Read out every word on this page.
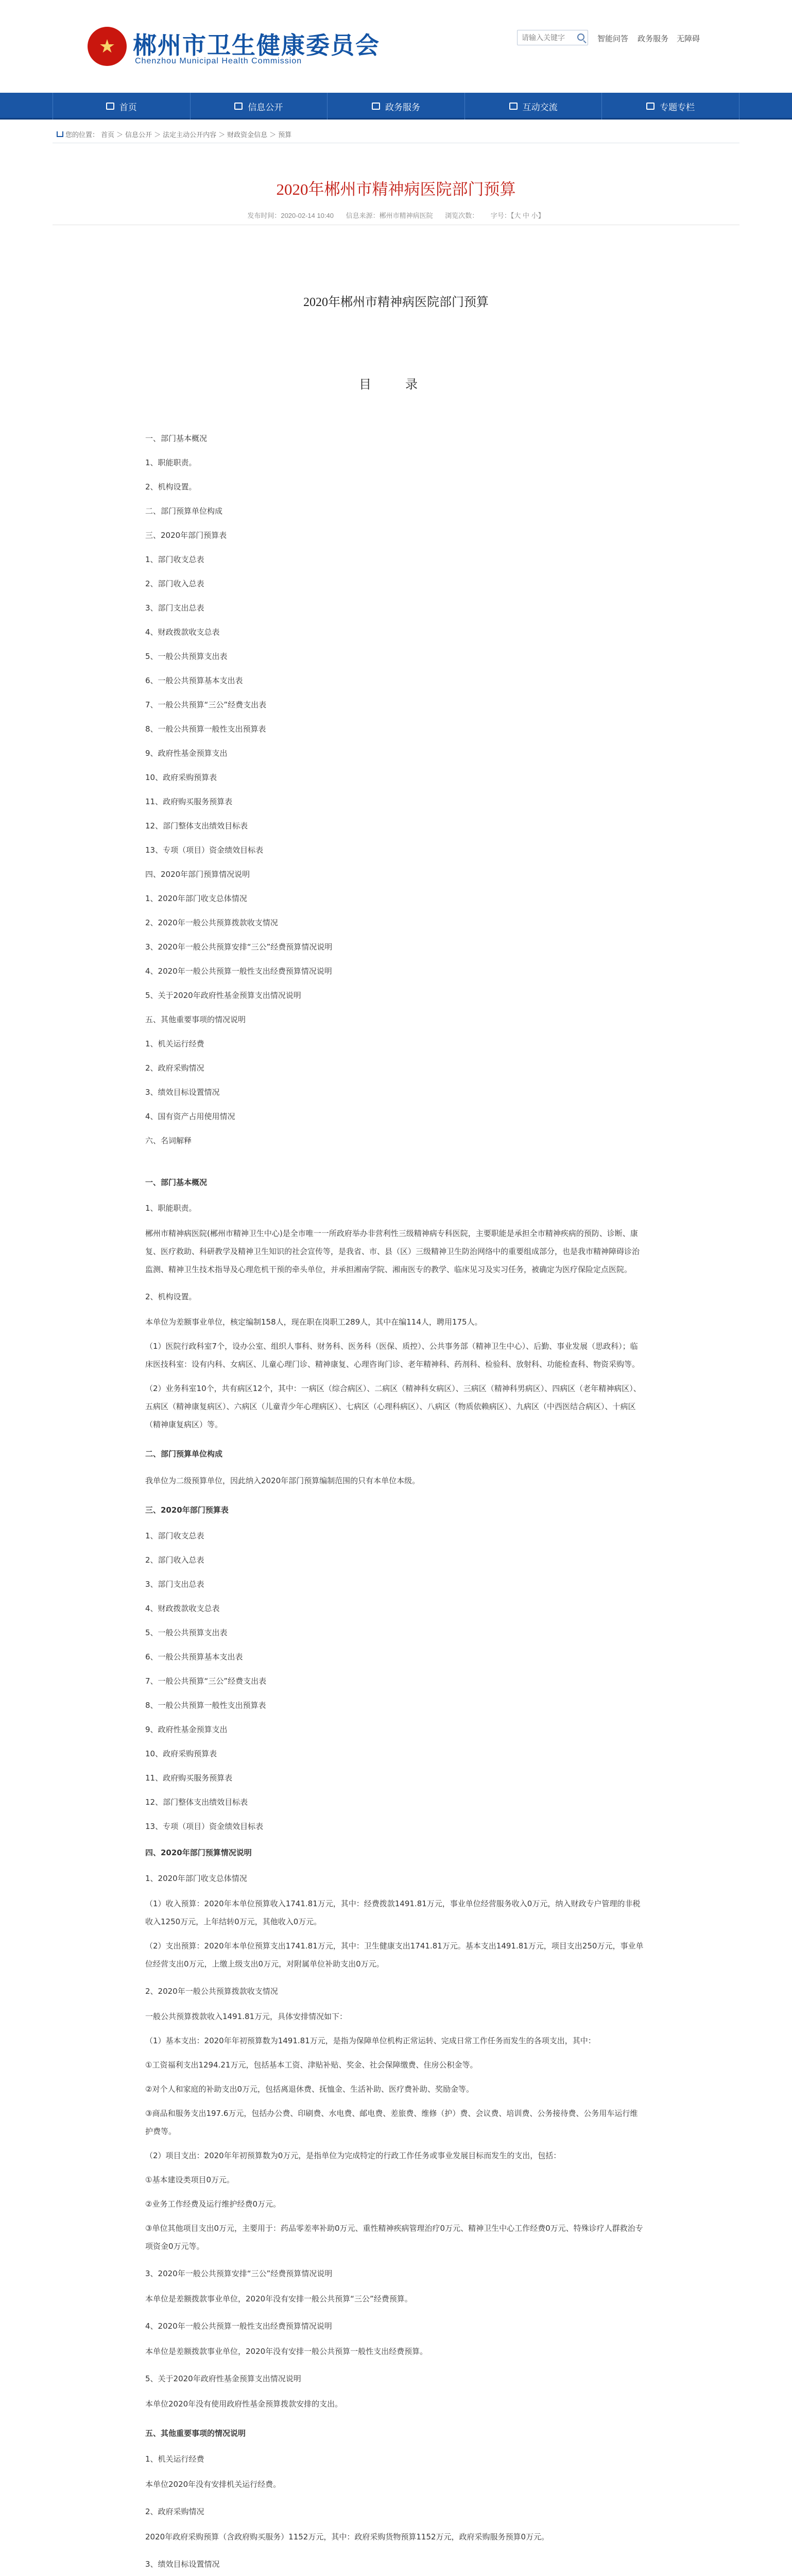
★ 郴州市卫生健康委员会
Chenzhou Municipal Health Commission
请输入关键字
智能问答 政务服务 无障碍
首页	信息公开	政务服务	互动交流	专题专栏
您的位置： 首页 ＞ 信息公开 ＞ 法定主动公开内容 ＞ 财政资金信息 ＞ 预算
2020年郴州市精神病医院部门预算
发布时间：2020-02-14 10:40 信息来源：郴州市精神病医院 浏览次数： 字号：【大 中 小】
2020年郴州市精神病医院部门预算
目 录
一、部门基本概况
1、职能职责。
2、机构设置。
二、部门预算单位构成
三、2020年部门预算表
1、部门收支总表
2、部门收入总表
3、部门支出总表
4、财政拨款收支总表
5、一般公共预算支出表
6、一般公共预算基本支出表
7、一般公共预算“三公”经费支出表
8、一般公共预算一般性支出预算表
9、政府性基金预算支出
10、政府采购预算表
11、政府购买服务预算表
12、部门整体支出绩效目标表
13、专项（项目）资金绩效目标表
四、2020年部门预算情况说明
1、2020年部门收支总体情况
2、2020年一般公共预算拨款收支情况
3、2020年一般公共预算安排“三公”经费预算情况说明
4、2020年一般公共预算一般性支出经费预算情况说明
5、关于2020年政府性基金预算支出情况说明
五、其他重要事项的情况说明
1、机关运行经费
2、政府采购情况
3、绩效目标设置情况
4、国有资产占用使用情况
六、名词解释
一、部门基本概况
1、职能职责。
郴州市精神病医院(郴州市精神卫生中心)是全市唯一一所政府举办非营利性三级精神病专科医院，主要职能是承担全市精神疾病的预防、诊断、康复、医疗救助、科研教学及精神卫生知识的社会宣传等，是我省、市、县（区）三级精神卫生防治网络中的重要组成部分，也是我市精神障碍诊治监测、精神卫生技术指导及心理危机干预的牵头单位，并承担湘南学院、湘南医专的教学、临床见习及实习任务，被确定为医疗保险定点医院。
2、机构设置。
本单位为差额事业单位，核定编制158人，现在职在岗职工289人，其中在编114人，聘用175人。
（1）医院行政科室7个，设办公室、组织人事科、财务科、医务科（医保、质控）、公共事务部（精神卫生中心）、后勤、事业发展（思政科）；临床医技科室：设有内科、女病区、儿童心理门诊、精神康复、心理咨询门诊、老年精神科、药剂科、检验科、放射科、功能检查科、物资采购等。
（2）业务科室10个，共有病区12个，其中：一病区（综合病区）、二病区（精神科女病区）、三病区（精神科男病区）、四病区（老年精神病区）、五病区（精神康复病区）、六病区（儿童青少年心理病区）、七病区（心理科病区）、八病区（物质依赖病区）、九病区（中西医结合病区）、十病区（精神康复病区）等。
二、部门预算单位构成
我单位为二级预算单位，因此纳入2020年部门预算编制范围的只有本单位本级。
三、2020年部门预算表
1、部门收支总表
2、部门收入总表
3、部门支出总表
4、财政拨款收支总表
5、一般公共预算支出表
6、一般公共预算基本支出表
7、一般公共预算“三公”经费支出表
8、一般公共预算一般性支出预算表
9、政府性基金预算支出
10、政府采购预算表
11、政府购买服务预算表
12、部门整体支出绩效目标表
13、专项（项目）资金绩效目标表
四、2020年部门预算情况说明
1、2020年部门收支总体情况
（1）收入预算：2020年本单位预算收入1741.81万元，其中：经费拨款1491.81万元，事业单位经营服务收入0万元，纳入财政专户管理的非税收入1250万元，上年结转0万元，其他收入0万元。
（2）支出预算：2020年本单位预算支出1741.81万元，其中：卫生健康支出1741.81万元。基本支出1491.81万元，项目支出250万元，事业单位经营支出0万元，上缴上级支出0万元，对附属单位补助支出0万元。
2、2020年一般公共预算拨款收支情况
一般公共预算拨款收入1491.81万元，具体安排情况如下：
（1）基本支出：2020年年初预算数为1491.81万元，是指为保障单位机构正常运转、完成日常工作任务而发生的各项支出，其中：
①工资福利支出1294.21万元，包括基本工资、津贴补贴、奖金、社会保障缴费、住房公积金等。
②对个人和家庭的补助支出0万元，包括离退休费、抚恤金、生活补助、医疗费补助、奖励金等。
③商品和服务支出197.6万元，包括办公费、印刷费、水电费、邮电费、差旅费、维修（护）费、会议费、培训费、公务接待费、公务用车运行维护费等。
（2）项目支出：2020年年初预算数为0万元，是指单位为完成特定的行政工作任务或事业发展目标而发生的支出，包括：
①基本建设类项目0万元。
②业务工作经费及运行维护经费0万元。
③单位其他项目支出0万元，主要用于：药品零差率补助0万元、重性精神疾病管理治疗0万元、精神卫生中心工作经费0万元、特殊诊疗人群救治专项资金0万元等。
3、2020年一般公共预算安排“三公”经费预算情况说明
本单位是差额拨款事业单位，2020年没有安排一般公共预算“三公”经费预算。
4、2020年一般公共预算一般性支出经费预算情况说明
本单位是差额拨款事业单位，2020年没有安排一般公共预算一般性支出经费预算。
5、关于2020年政府性基金预算支出情况说明
本单位2020年没有使用政府性基金预算拨款安排的支出。
五、其他重要事项的情况说明
1、机关运行经费
本单位2020年没有安排机关运行经费。
2、政府采购情况
2020年政府采购预算（含政府购买服务）1152万元，其中：政府采购货物预算1152万元，政府采购服务预算0万元。
3、绩效目标设置情况
